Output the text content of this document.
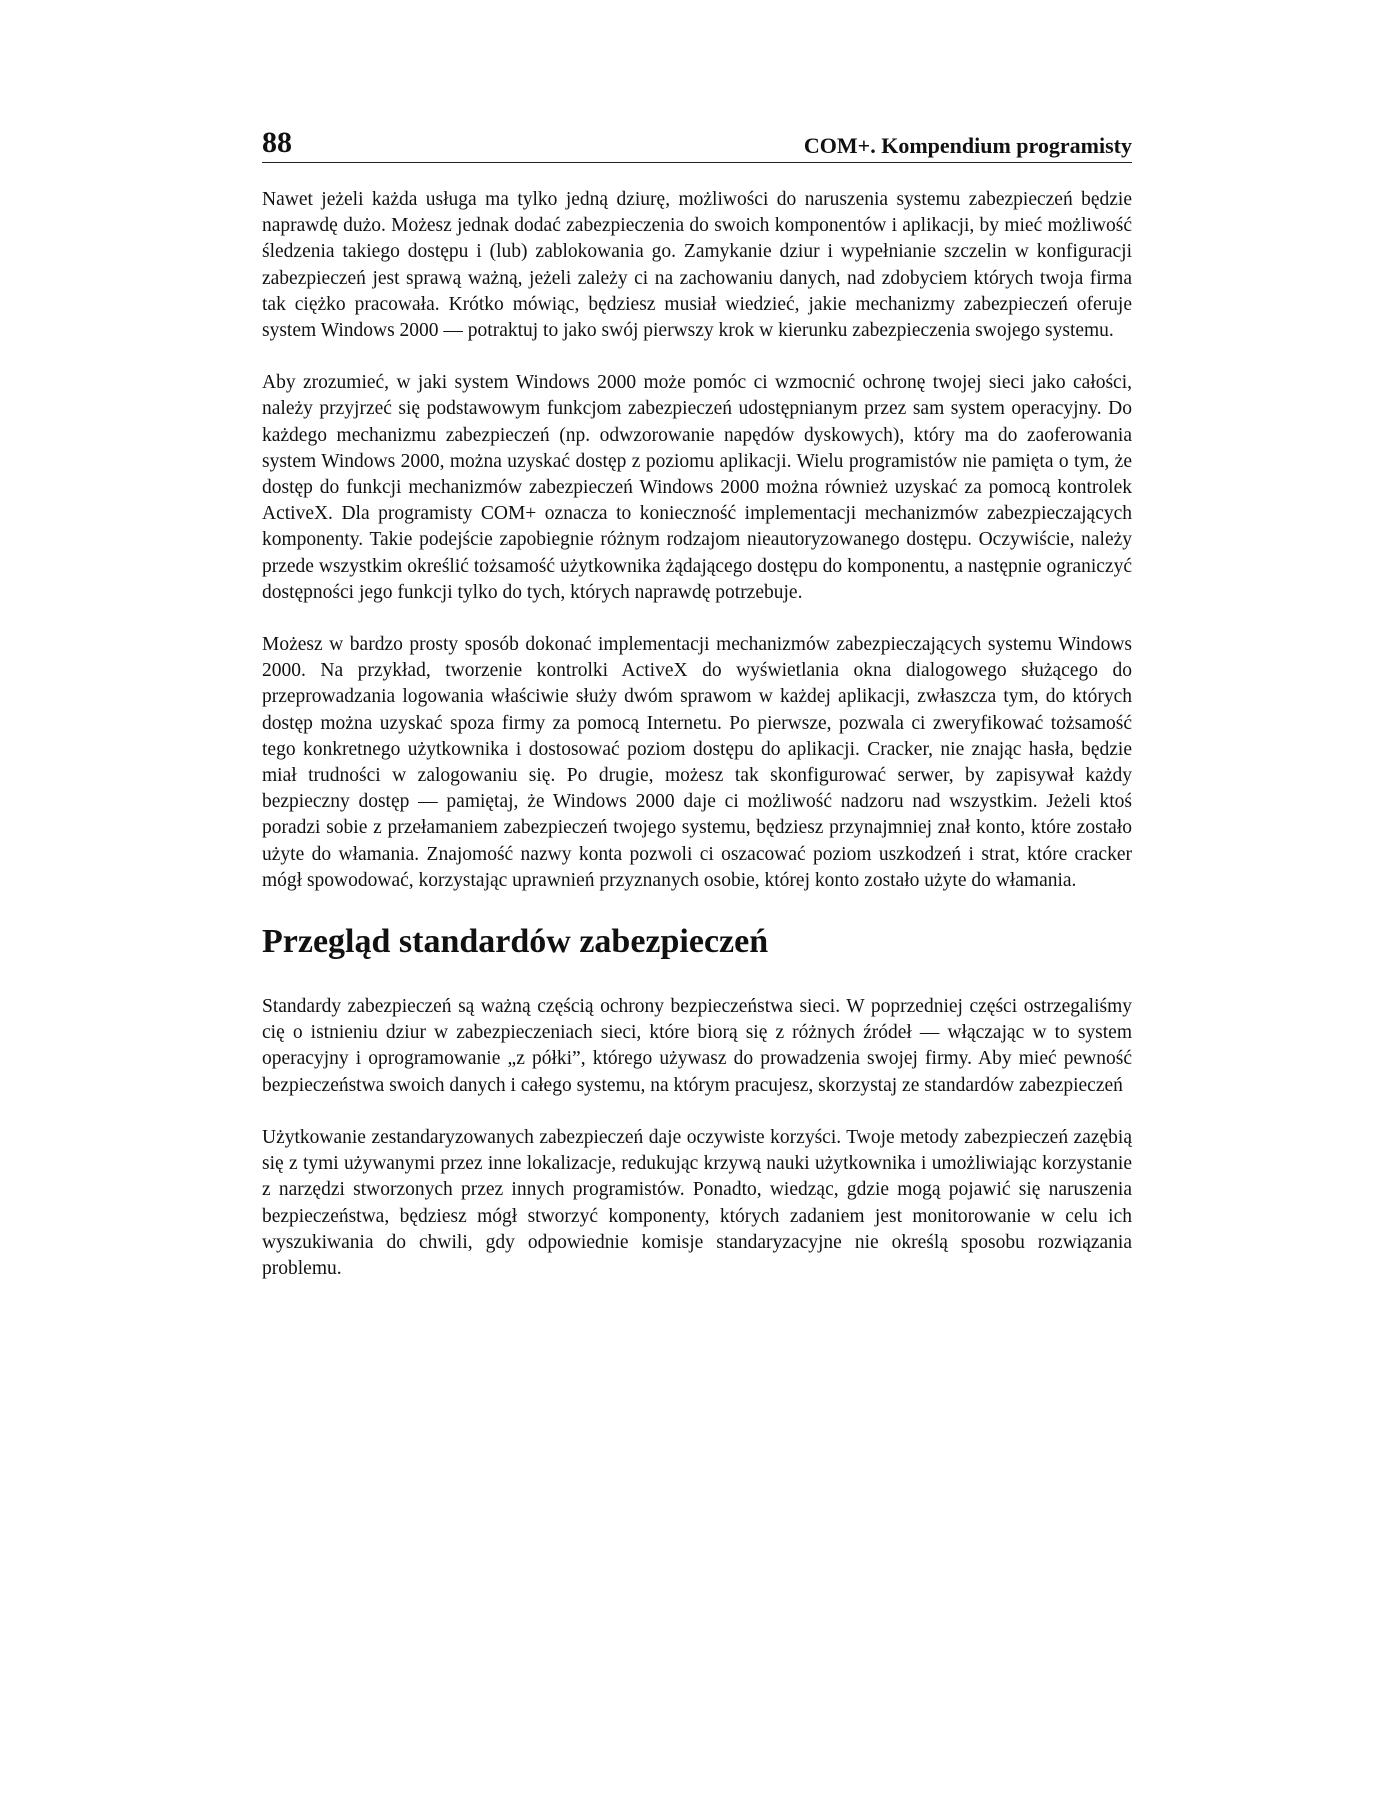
88	COM+. Kompendium programisty

Nawet jeżeli każda usługa ma tylko jedną dziurę, możliwości do naruszenia systemu zabezpieczeń będzie naprawdę dużo. Możesz jednak dodać zabezpieczenia do swoich komponentów i aplikacji, by mieć możliwość śledzenia takiego dostępu i (lub) zablokowania go. Zamykanie dziur i wypełnianie szczelin w konfiguracji zabezpieczeń jest sprawą ważną, jeżeli zależy ci na zachowaniu danych, nad zdobyciem których twoja firma tak ciężko pracowała. Krótko mówiąc, będziesz musiał wiedzieć, jakie mechanizmy zabezpieczeń oferuje system Windows 2000 — potraktuj to jako swój pierwszy krok w kierunku zabezpieczenia swojego systemu.

Aby zrozumieć, w jaki system Windows 2000 może pomóc ci wzmocnić ochronę twojej sieci jako całości, należy przyjrzeć się podstawowym funkcjom zabezpieczeń udostępnianym przez sam system operacyjny. Do każdego mechanizmu zabezpieczeń (np. odwzorowanie napędów dyskowych), który ma do zaoferowania system Windows 2000, można uzyskać dostęp z poziomu aplikacji. Wielu programistów nie pamięta o tym, że dostęp do funkcji mechanizmów zabezpieczeń Windows 2000 można również uzyskać za pomocą kontrolek ActiveX. Dla programisty COM+ oznacza to konieczność implementacji mechanizmów zabezpieczających komponenty. Takie podejście zapobiegnie różnym rodzajom nieautoryzowanego dostępu. Oczywiście, należy przede wszystkim określić tożsamość użytkownika żądającego dostępu do komponentu, a następnie ograniczyć dostępności jego funkcji tylko do tych, których naprawdę potrzebuje.

Możesz w bardzo prosty sposób dokonać implementacji mechanizmów zabezpieczających systemu Windows 2000. Na przykład, tworzenie kontrolki ActiveX do wyświetlania okna dialogowego służącego do przeprowadzania logowania właściwie służy dwóm sprawom w każdej aplikacji, zwłaszcza tym, do których dostęp można uzyskać spoza firmy za pomocą Internetu. Po pierwsze, pozwala ci zweryfikować tożsamość tego konkretnego użytkownika i dostosować poziom dostępu do aplikacji. Cracker, nie znając hasła, będzie miał trudności w zalogowaniu się. Po drugie, możesz tak skonfigurować serwer, by zapisywał każdy bezpieczny dostęp — pamiętaj, że Windows 2000 daje ci możliwość nadzoru nad wszystkim. Jeżeli ktoś poradzi sobie z przełamaniem zabezpieczeń twojego systemu, będziesz przynajmniej znał konto, które zostało użyte do włamania. Znajomość nazwy konta pozwoli ci oszacować poziom uszkodzeń i strat, które cracker mógł spowodować, korzystając uprawnień przyznanych osobie, której konto zostało użyte do włamania.

Przegląd standardów zabezpieczeń

Standardy zabezpieczeń są ważną częścią ochrony bezpieczeństwa sieci. W poprzedniej części ostrzegaliśmy cię o istnieniu dziur w zabezpieczeniach sieci, które biorą się z różnych źródeł — włączając w to system operacyjny i oprogramowanie „z półki”, którego używasz do prowadzenia swojej firmy. Aby mieć pewność bezpieczeństwa swoich danych i całego systemu, na którym pracujesz, skorzystaj ze standardów zabezpieczeń

Użytkowanie zestandaryzowanych zabezpieczeń daje oczywiste korzyści. Twoje metody zabezpieczeń zazębią się z tymi używanymi przez inne lokalizacje, redukując krzywą nauki użytkownika i umożliwiając korzystanie z narzędzi stworzonych przez innych programistów. Ponadto, wiedząc, gdzie mogą pojawić się naruszenia bezpieczeństwa, będziesz mógł stworzyć komponenty, których zadaniem jest monitorowanie w celu ich wyszukiwania do chwili, gdy odpowiednie komisje standaryzacyjne nie określą sposobu rozwiązania problemu.
